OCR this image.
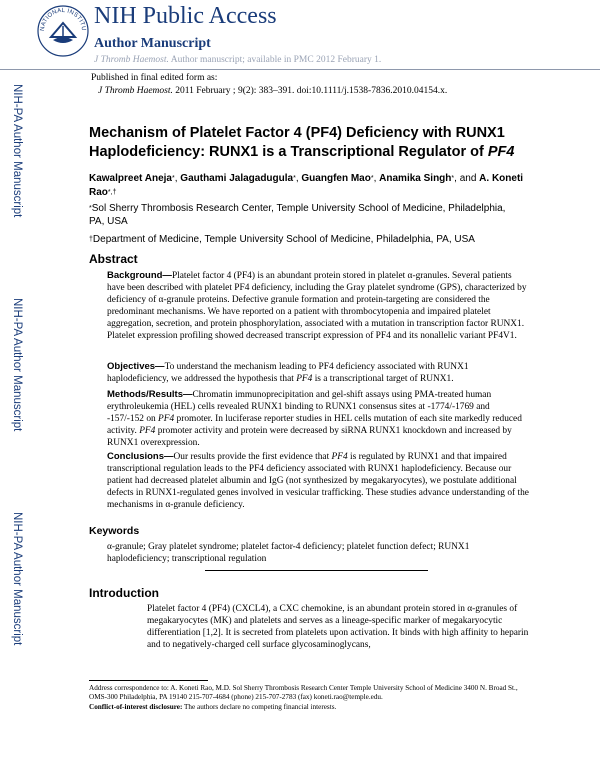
NATIONAL INSTITU NIH Public Access
Author Manuscript
J Thromb Haemost. Author manuscript; available in PMC 2012 February 1.
NIH-PA Author Manuscript
NIH-PA Author Manuscript
NIH-PA Author Manuscript
Published in final edited form as:
J Thromb Haemost. 2011 February ; 9(2): 383–391. doi:10.1111/j.1538-7836.2010.04154.x.
Mechanism of Platelet Factor 4 (PF4) Deficiency with RUNX1 Haplodeficiency: RUNX1 is a Transcriptional Regulator of PF4
Kawalpreet Aneja*, Gauthami Jalagadugula*, Guangfen Mao*, Anamika Singh*, and A. Koneti Rao*,†
*Sol Sherry Thrombosis Research Center, Temple University School of Medicine, Philadelphia, PA, USA
†Department of Medicine, Temple University School of Medicine, Philadelphia, PA, USA
Abstract
Background—Platelet factor 4 (PF4) is an abundant protein stored in platelet α-granules. Several patients have been described with platelet PF4 deficiency, including the Gray platelet syndrome (GPS), characterized by deficiency of α-granule proteins. Defective granule formation and protein-targeting are considered the predominant mechanisms. We have reported on a patient with thrombocytopenia and impaired platelet aggregation, secretion, and protein phosphorylation, associated with a mutation in transcription factor RUNX1. Platelet expression profiling showed decreased transcript expression of PF4 and its nonallelic variant PF4V1.
Objectives—To understand the mechanism leading to PF4 deficiency associated with RUNX1 haplodeficiency, we addressed the hypothesis that PF4 is a transcriptional target of RUNX1.
Methods/Results—Chromatin immunoprecipitation and gel-shift assays using PMA-treated human erythroleukemia (HEL) cells revealed RUNX1 binding to RUNX1 consensus sites at -1774/-1769 and -157/-152 on PF4 promoter. In luciferase reporter studies in HEL cells mutation of each site markedly reduced activity. PF4 promoter activity and protein were decreased by siRNA RUNX1 knockdown and increased by RUNX1 overexpression.
Conclusions—Our results provide the first evidence that PF4 is regulated by RUNX1 and that impaired transcriptional regulation leads to the PF4 deficiency associated with RUNX1 haplodeficiency. Because our patient had decreased platelet albumin and IgG (not synthesized by megakaryocytes), we postulate additional defects in RUNX1-regulated genes involved in vesicular trafficking. These studies advance understanding of the mechanisms in α-granule deficiency.
Keywords
α-granule; Gray platelet syndrome; platelet factor-4 deficiency; platelet function defect; RUNX1 haplodeficiency; transcriptional regulation
Introduction
Platelet factor 4 (PF4) (CXCL4), a CXC chemokine, is an abundant protein stored in α-granules of megakaryocytes (MK) and platelets and serves as a lineage-specific marker of megakaryocytic differentiation [1,2]. It is secreted from platelets upon activation. It binds with high affinity to heparin and to negatively-charged cell surface glycosaminoglycans,
Address correspondence to: A. Koneti Rao, M.D. Sol Sherry Thrombosis Research Center Temple University School of Medicine 3400 N. Broad St., OMS-300 Philadelphia, PA 19140 215-707-4684 (phone) 215-707-2783 (fax) koneti.rao@temple.edu.
Conflict-of-interest disclosure: The authors declare no competing financial interests.
